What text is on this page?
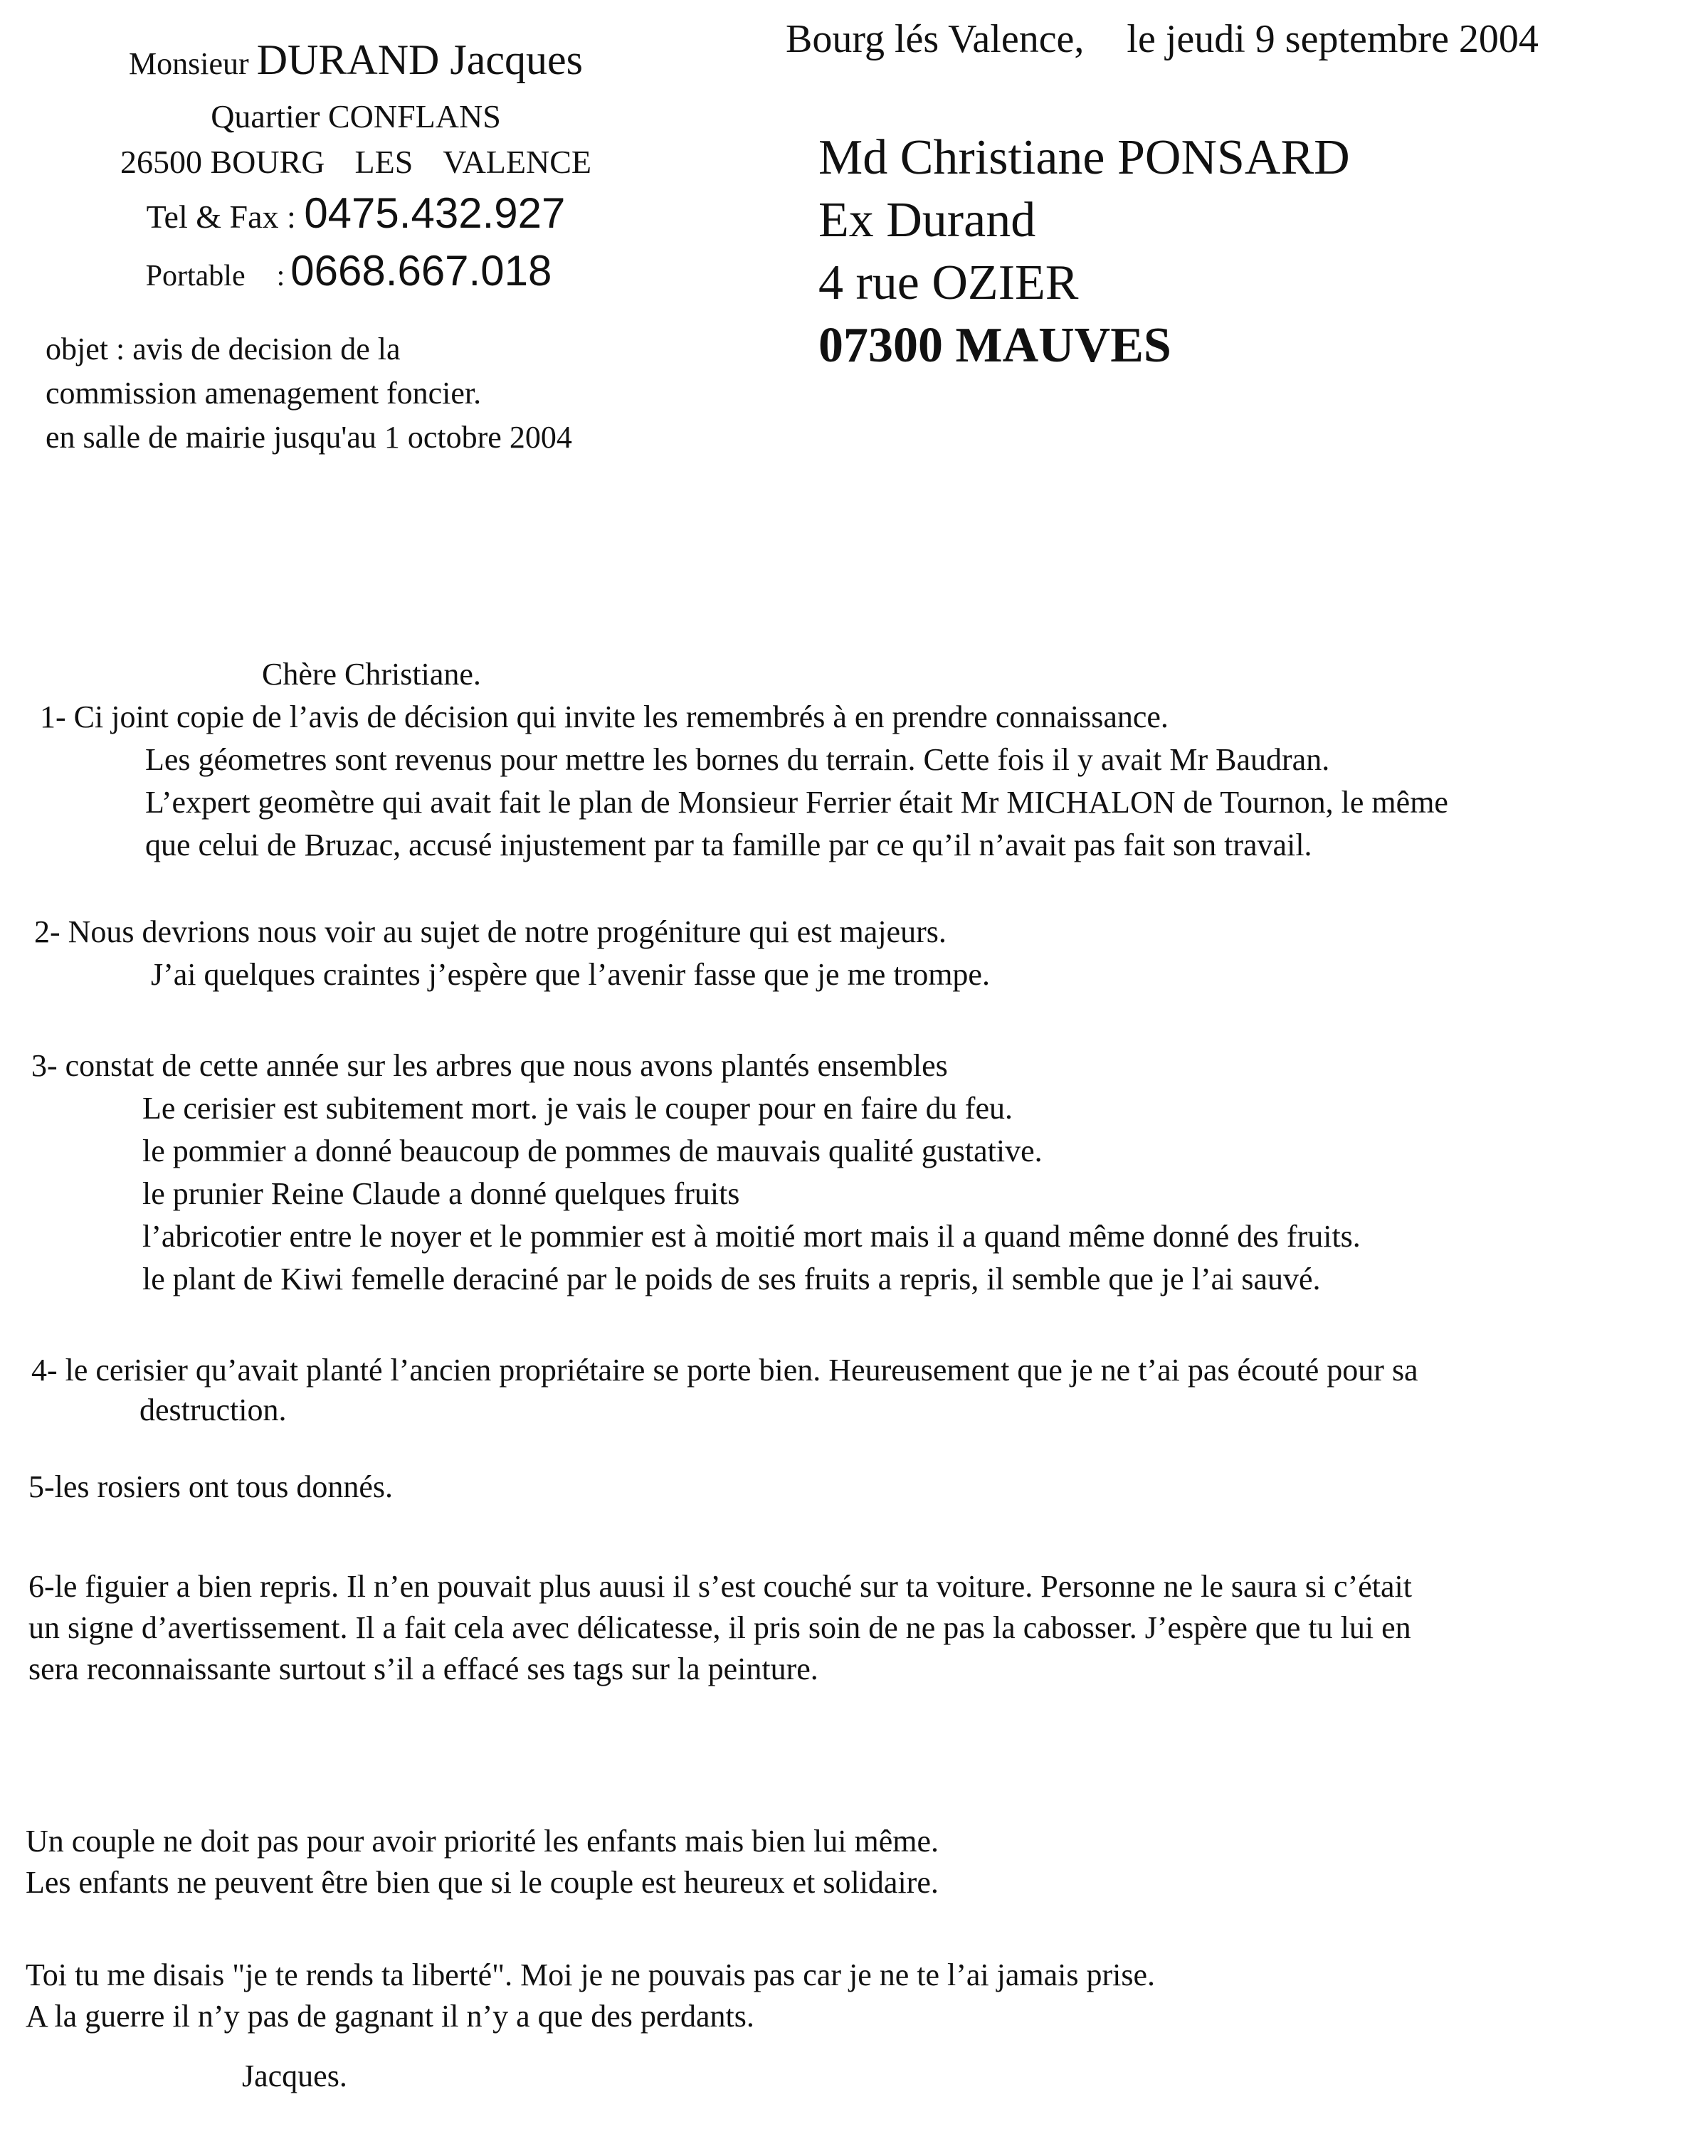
Monsieur DURAND Jacques
Quartier CONFLANS
26500 BOURG LES VALENCE
Tel & Fax : 0475.432.927
Portable : 0668.667.018
objet : avis de decision de la
commission amenagement foncier.
en salle de mairie jusqu'au 1 octobre 2004
Bourg lés Valence, le jeudi 9 septembre 2004
Md Christiane PONSARD
Ex Durand
4 rue OZIER
07300 MAUVES
Chère Christiane.
1- Ci joint copie de l’avis de décision qui invite les remembrés à en prendre connaissance.
Les géometres sont revenus pour mettre les bornes du terrain. Cette fois il y avait Mr Baudran.
L’expert geomètre qui avait fait le plan de Monsieur Ferrier était Mr MICHALON de Tournon, le même
que celui de Bruzac, accusé injustement par ta famille par ce qu’il n’avait pas fait son travail.
2- Nous devrions nous voir au sujet de notre progéniture qui est majeurs.
J’ai quelques craintes j’espère que l’avenir fasse que je me trompe.
3- constat de cette année sur les arbres que nous avons plantés ensembles
Le cerisier est subitement mort. je vais le couper pour en faire du feu.
le pommier a donné beaucoup de pommes de mauvais qualité gustative.
le prunier Reine Claude a donné quelques fruits
l’abricotier entre le noyer et le pommier est à moitié mort mais il a quand même donné des fruits.
le plant de Kiwi femelle deraciné par le poids de ses fruits a repris, il semble que je l’ai sauvé.
4- le cerisier qu’avait planté l’ancien propriétaire se porte bien. Heureusement que je ne t’ai pas écouté pour sa
destruction.
5-les rosiers ont tous donnés.
6-le figuier a bien repris. Il n’en pouvait plus auusi il s’est couché sur ta voiture. Personne ne le saura si c’était
un signe d’avertissement. Il a fait cela avec délicatesse, il pris soin de ne pas la cabosser. J’espère que tu lui en
sera reconnaissante surtout s’il a effacé ses tags sur la peinture.
Un couple ne doit pas pour avoir priorité les enfants mais bien lui même.
Les enfants ne peuvent être bien que si le couple est heureux et solidaire.
Toi tu me disais "je te rends ta liberté". Moi je ne pouvais pas car je ne te l’ai jamais prise.
A la guerre il n’y pas de gagnant il n’y a que des perdants.
Jacques.
